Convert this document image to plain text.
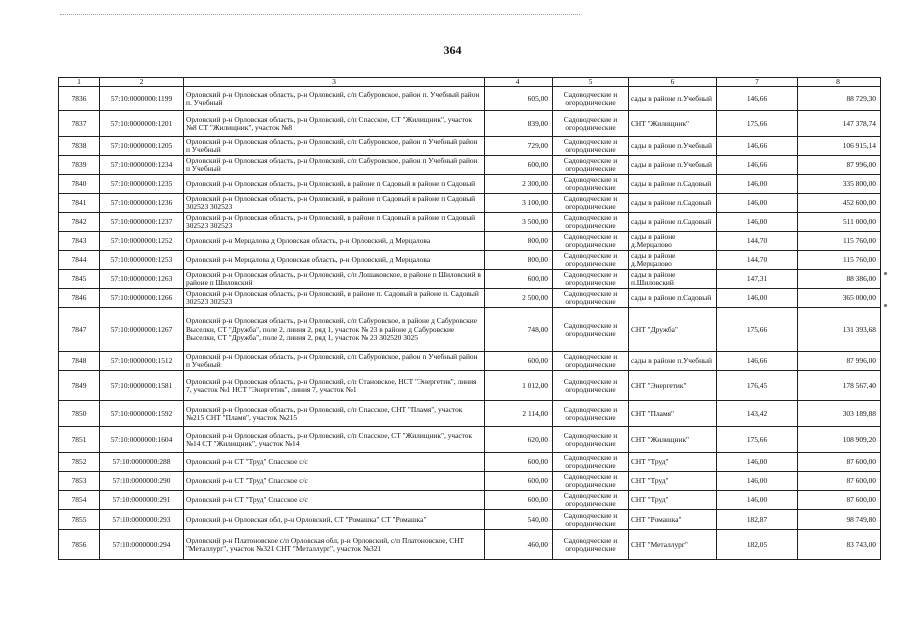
364
1	2	3	4	5	6	7	8
7836	57:10:0000000:1199	Орловский р-н Орловская область, р-н Орловский, с/п Сабуровское, район п. Учебный район п. Учебный	605,00	Садоводческие и огороднические	сады в районе п.Учебный	146,66	88 729,30
7837	57:10:0000000:1201	Орловский р-н Орловская область, р-н Орловский, с/п Спасское, СТ "Жилищник", участок №8 СТ "Жилищник", участок №8	839,00	Садоводческие и огороднические	СНТ "Жилищник"	175,66	147 378,74
7838	57:10:0000000:1205	Орловский р-н Орловская область, р-н Орловский, с/п Сабуровское, район п Учебный район п Учебный	729,00	Садоводческие и огороднические	сады в районе п.Учебный	146,66	106 915,14
7839	57:10:0000000:1234	Орловский р-н Орловская область, р-н Орловский, с/п Сабуровское, район п Учебный район п Учебный	600,00	Садоводческие и огороднические	сады в районе п.Учебный	146,66	87 996,00
7840	57:10:0000000:1235	Орловский р-н Орловская область, р-н Орловский, в районе п Садовый в районе п Садовый	2 300,00	Садоводческие и огороднические	сады в районе п.Садовый	146,00	335 800,00
7841	57:10:0000000:1236	Орловский р-н Орловская область, р-н Орловский, в районе п Садовый в районе п Садовый 302523 302523	3 100,00	Садоводческие и огороднические	сады в районе п.Садовый	146,00	452 600,00
7842	57:10:0000000:1237	Орловский р-н Орловская область, р-н Орловский, в районе п Садовый в районе п Садовый 302523 302523	3 500,00	Садоводческие и огороднические	сады в районе п.Садовый	146,00	511 000,00
7843	57:10:0000000:1252	Орловский р-н Мерцалова д Орловская область, р-н Орловский, д Мерцалова	800,00	Садоводческие и огороднические	сады в районе д.Мерцалово	144,70	115 760,00
7844	57:10:0000000:1253	Орловский р-н Мерцалова д Орловская область, р-н Орловский, д Мерцалова	800,00	Садоводческие и огороднические	сады в районе д.Мерцалово	144,70	115 760,00
7845	57:10:0000000:1263	Орловский р-н Орловская область, р-н Орловский, с/п Лошаковское, в районе п Шиловский в районе п Шиловский	600,00	Садоводческие и огороднические	сады в районе п.Шиловский	147,31	88 386,00
7846	57:10:0000000:1266	Орловский р-н Орловская область, р-н Орловский, в районе п. Садовый в районе п. Садовый 302523 302523	2 500,00	Садоводческие и огороднические	сады в районе п.Садовый	146,00	365 000,00
7847	57:10:0000000:1267	Орловский р-н Орловская область, р-н Орловский, с/п Сабуровское, в районе д Сабуровские Выселки, СТ "Дружба", поле 2, линия 2, ряд 1, участок № 23 в районе д Сабуровские Выселки, СТ "Дружба", поле 2, линия 2, ряд 1, участок № 23 302520 3025	748,00	Садоводческие и огороднические	СНТ "Дружба"	175,66	131 393,68
7848	57:10:0000000:1512	Орловский р-н Орловская область, р-н Орловский, с/п Сабуровское, район п Учебный район п Учебный	600,00	Садоводческие и огороднические	сады в районе п.Учебный	146,66	87 996,00
7849	57:10:0000000:1581	Орловский р-н Орловская область, р-н Орловский, с/п Становское, НСТ "Энергетик", линия 7, участок №1 НСТ "Энергетик", линия 7, участок №1	1 012,00	Садоводческие и огороднические	СНТ "Энергетик"	176,45	178 567,40
7850	57:10:0000000:1592	Орловский р-н Орловская область, р-н Орловский, с/п Спасское, СНТ "Пламя", участок №215 СНТ "Пламя", участок №215	2 114,00	Садоводческие и огороднические	СНТ "Пламя"	143,42	303 189,88
7851	57:10:0000000:1604	Орловский р-н Орловская область, р-н Орловский, с/п Спасское, СТ "Жилищник", участок №14 СТ "Жилищник", участок №14	620,00	Садоводческие и огороднические	СНТ "Жилищник"	175,66	108 909,20
7852	57:10:0000000:288	Орловский р-н СТ "Труд" Спасское с/с	600,00	Садоводческие и огороднические	СНТ "Труд"	146,00	87 600,00
7853	57:10:0000000:290	Орловский р-н СТ "Труд" Спасское с/с	600,00	Садоводческие и огороднические	СНТ "Труд"	146,00	87 600,00
7854	57:10:0000000:291	Орловский р-н СТ "Труд" Спасское с/с	600,00	Садоводческие и огороднические	СНТ "Труд"	146,00	87 600,00
7855	57:10:0000000:293	Орловский р-н Орловская обл, р-н Орловский, СТ "Ромашка" СТ "Ромашка"	540,00	Садоводческие и огороднические	СНТ "Ромашка"	182,87	98 749,80
7856	57:10:0000000:294	Орловский р-н Платоновское с/п Орловская обл, р-н Орловский, с/п Платоновское, СНТ "Металлург", участок №321 СНТ "Металлург", участок №321	460,00	Садоводческие и огороднические	СНТ "Металлург"	182,05	83 743,00
